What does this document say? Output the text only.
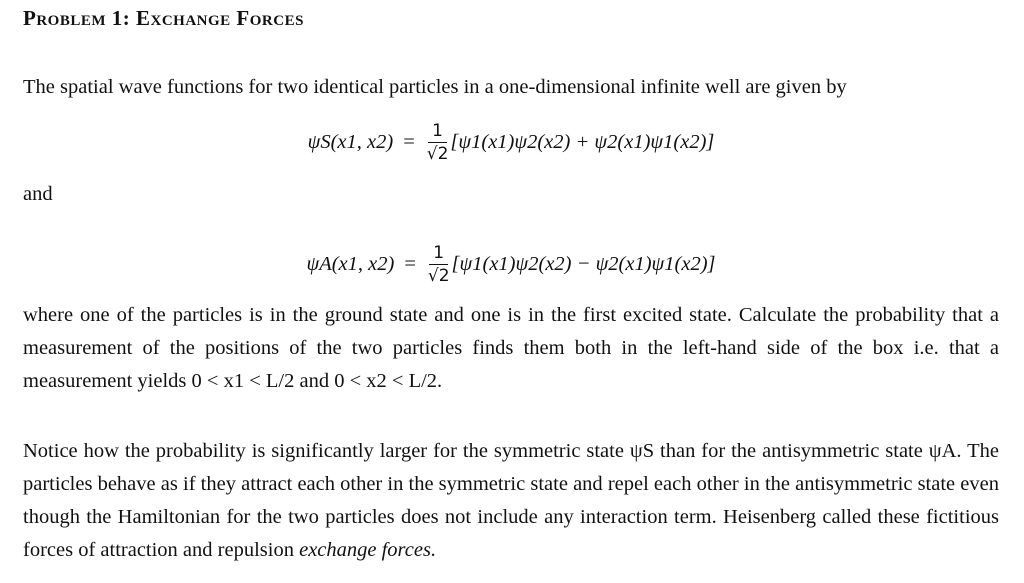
Problem 1: Exchange Forces
The spatial wave functions for two identical particles in a one-dimensional infinite well are given by
ψS(x1, $x2) = \frac{1}{√2} [\psi 1(x1)\psi 2(x2) + \psi 2(x1)\psi 1(x2)]$
and
ψA(x1, $x2) = \frac{1}{√2} [\psi 1(x1)\psi 2(x2) - \psi 2(x1)\psi 1(x2)]$
where one of the particles is in the ground state and one is in the first excited state. Calculate the probability that a measurement of the positions of the two particles finds them both in the left-hand side of the box i.e. that a measurement yields 0 < x1 < L/2 and 0 < x2 < L/2.
Notice how the probability is significantly larger for the symmetric state ψS than for the antisymmetric state ψA. The particles behave as if they attract each other in the symmetric state and repel each other in the antisymmetric state even though the Hamiltonian for the two particles does not include any interaction term. Heisenberg called these fictitious forces of attraction and repulsion exchange forces.
